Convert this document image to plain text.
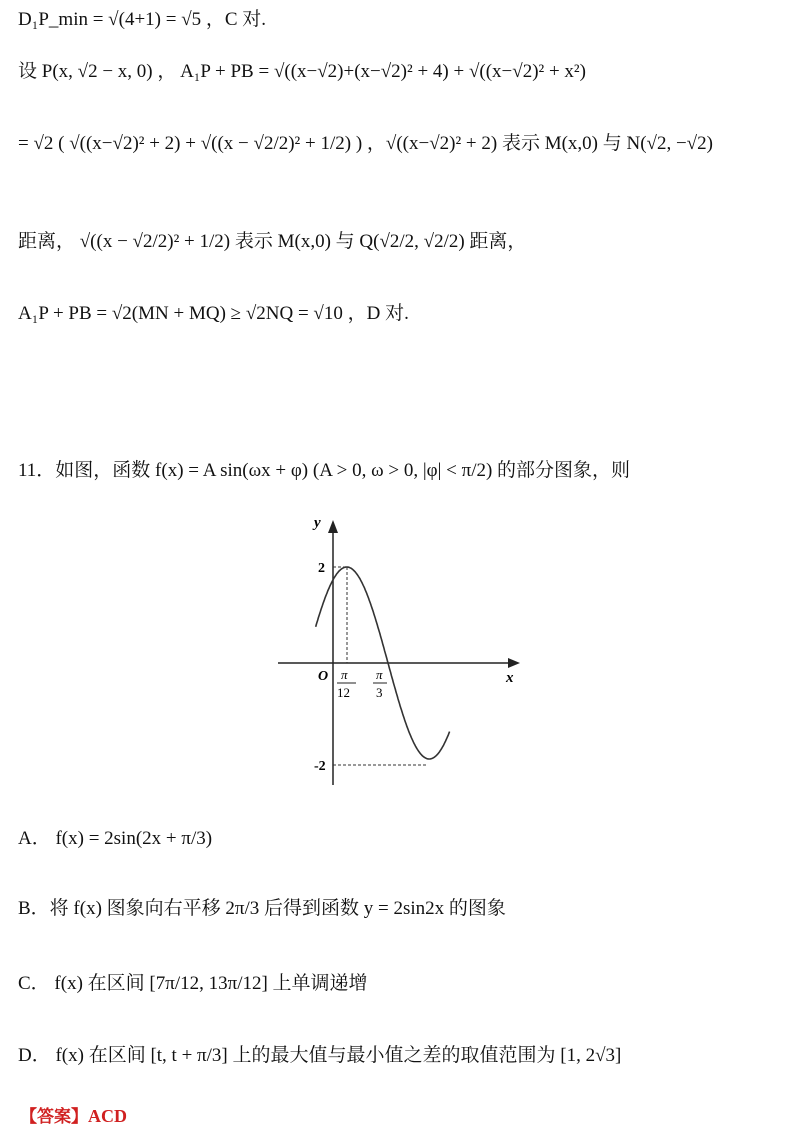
D₁P_min = √(4+1) = √5 ，C 对.
设 P(x, √2 − x, 0) ， A₁P + PB = √((x−√2)+(x−√2)² + 4) + √((x−√2)² + x²)
= √2 ( √((x−√2)² + 2) + √((x − √2/2)² + 1/2) ) ，√((x−√2)² + 2) 表示 M(x,0) 与 N(√2, −√2)
距离， √((x − √2/2)² + 1/2) 表示 M(x,0) 与 Q(√2/2, √2/2) 距离，
A₁P + PB = √2(MN + MQ) ≥ √2NQ = √10 ，D 对.
11．如图，函数 f(x) = A sin(ωx + φ) (A > 0, ω > 0, |φ| < π/2) 的部分图象，则
y
x
O
2
-2
π
12
π
3
A． f(x) = 2sin(2x + π/3)
B．将 f(x) 图象向右平移 2π/3 后得到函数 y = 2sin2x 的图象
C． f(x) 在区间 [7π/12, 13π/12] 上单调递增
D． f(x) 在区间 [t, t + π/3] 上的最大值与最小值之差的取值范围为 [1, 2√3]
【答案】ACD
